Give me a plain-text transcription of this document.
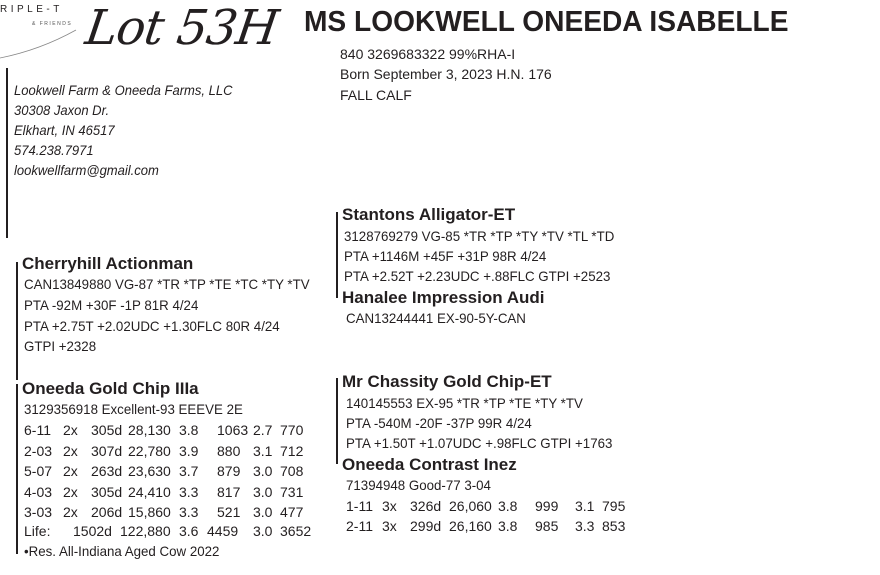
RIPLE-T
& FRIENDS Lot 53H MS LOOKWELL ONEEDA ISABELLE
840 3269683322 99%RHA-I
Born September 3, 2023 H.N. 176
FALL CALF
Lookwell Farm & Oneeda Farms, LLC
30308 Jaxon Dr.
Elkhart, IN 46517
574.238.7971
lookwellfarm@gmail.com
Cherryhill Actionman
CAN13849880 VG-87 *TR *TP *TE *TC *TY *TV
PTA -92M +30F -1P 81R 4/24
PTA +2.75T +2.02UDC +1.30FLC 80R 4/24
GTPI +2328
Oneeda Gold Chip IIIa
3129356918 Excellent-93 EEEVE 2E
6-11 2x 305d 28,130 3.8 1063 2.7 770
2-03 2x 307d 22,780 3.9 880 3.1 712
5-07 2x 263d 23,630 3.7 879 3.0 708
4-03 2x 305d 24,410 3.3 817 3.0 731
3-03 2x 206d 15,860 3.3 521 3.0 477
Life: 1502d 122,880 3.6 4459 3.0 3652
•Res. All-Indiana Aged Cow 2022
Stantons Alligator-ET
3128769279 VG-85 *TR *TP *TY *TV *TL *TD
PTA +1146M +45F +31P 98R 4/24
PTA +2.52T +2.23UDC +.88FLC GTPI +2523
Hanalee Impression Audi
CAN13244441 EX-90-5Y-CAN
Mr Chassity Gold Chip-ET
140145553 EX-95 *TR *TP *TE *TY *TV
PTA -540M -20F -37P 99R 4/24
PTA +1.50T +1.07UDC +.98FLC GTPI +1763
Oneeda Contrast Inez
71394948 Good-77 3-04
1-11 3x 326d 26,060 3.8 999 3.1 795
2-11 3x 299d 26,160 3.8 985 3.3 853
